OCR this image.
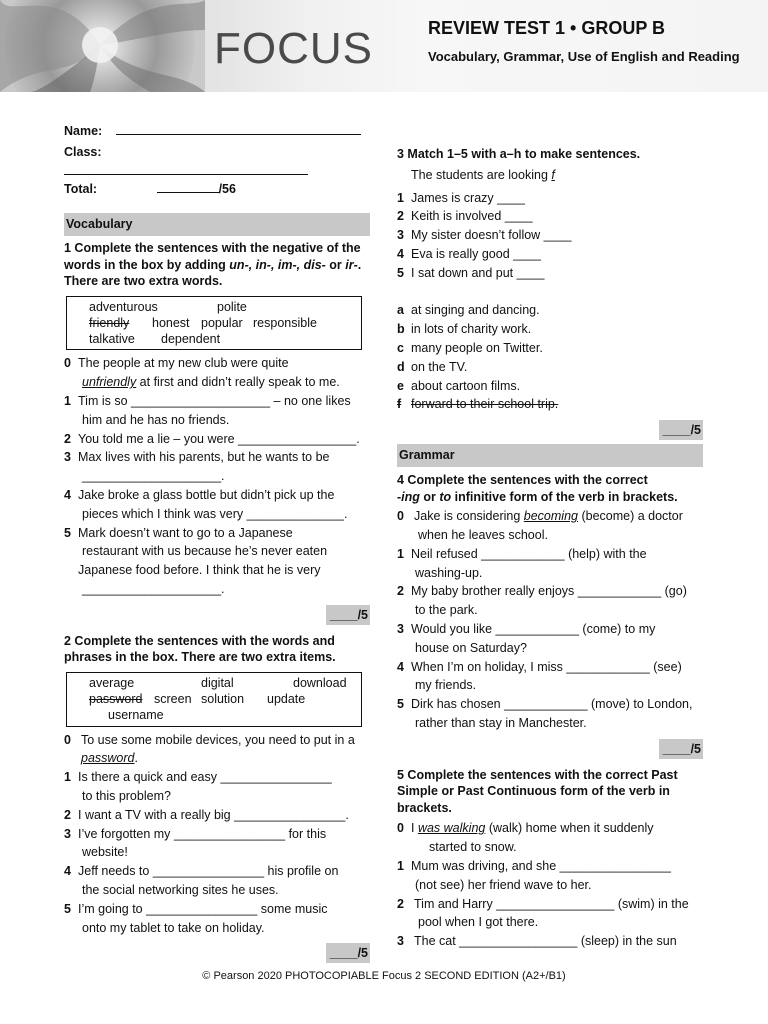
FOCUS	REVIEW TEST 1 • GROUP B
Vocabulary, Grammar, Use of English and Reading
Name:
Class:
Total:	/56
Vocabulary
1 Complete the sentences with the negative of the words in the box by adding un-, in-, im-, dis- or ir-. There are two extra words.
adventurous	polite
friendly	honest popular responsible
talkative	dependent
0 The people at my new club were quite
unfriendly at first and didn’t really speak to me.
1 Tim is so ____________________ – no one likes
him and he has no friends.
2 You told me a lie – you were _________________.
3 Max lives with his parents, but he wants to be
____________________.
4 Jake broke a glass bottle but didn’t pick up the
pieces which I think was very ______________.
5 Mark doesn’t want to go to a Japanese
restaurant with us because he’s never eaten
Japanese food before. I think that he is very
____________________.
____/5
2 Complete the sentences with the words and phrases in the box. There are two extra items.
average	digital	download
password screen solution	update
username
0 To use some mobile devices, you need to put in a
password.
1 Is there a quick and easy ________________
to this problem?
2 I want a TV with a really big ________________.
3 I’ve forgotten my ________________ for this
website!
4 Jeff needs to ________________ his profile on
the social networking sites he uses.
5 I’m going to ________________ some music
onto my tablet to take on holiday.
____/5
3 Match 1–5 with a–h to make sentences.
The students are looking f
1 James is crazy ____
2 Keith is involved ____
3 My sister doesn’t follow ____
4 Eva is really good ____
5 I sat down and put ____
a at singing and dancing.
b in lots of charity work.
c many people on Twitter.
d on the TV.
e about cartoon films.
f forward to their school trip.
____/5
Grammar
4 Complete the sentences with the correct
-ing or to infinitive form of the verb in brackets.
0 Jake is considering becoming (become) a doctor
when he leaves school.
1 Neil refused ____________ (help) with the
washing-up.
2 My baby brother really enjoys ____________ (go)
to the park.
3 Would you like ____________ (come) to my
house on Saturday?
4 When I’m on holiday, I miss ____________ (see)
my friends.
5 Dirk has chosen ____________ (move) to London,
rather than stay in Manchester.
____/5
5 Complete the sentences with the correct Past Simple or Past Continuous form of the verb in brackets.
0 I was walking (walk) home when it suddenly
started to snow.
1 Mum was driving, and she ________________
(not see) her friend wave to her.
2 Tim and Harry _________________ (swim) in the
pool when I got there.
3 The cat _________________ (sleep) in the sun
© Pearson 2020 PHOTOCOPIABLE Focus 2 SECOND EDITION (A2+/B1)
